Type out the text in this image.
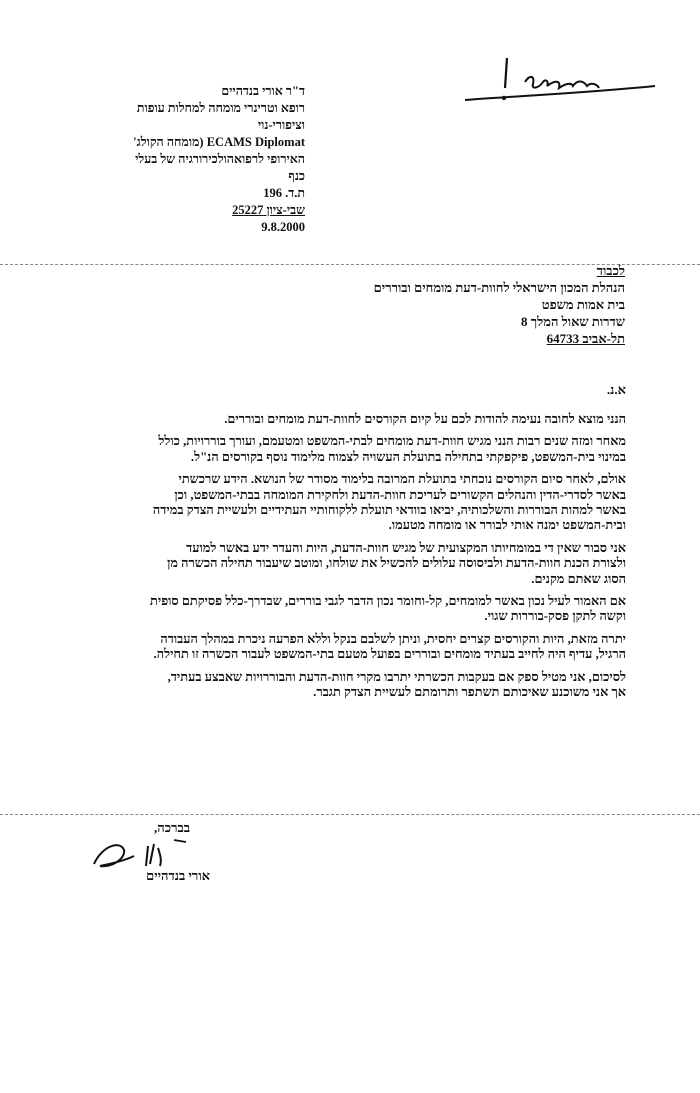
ד"ר אורי בנדהיים
רופא וטרינרי מומחה למחלות עופות
וציפורי-נוי
ECAMS Diplomat (מומחה הקולג'
האירופי לרפואהולכירורגיה של בעלי
כנף
ת.ד. 196
שבי-ציון 25227
9.8.2000
לכבוד
הנהלת המכון הישראלי לחוות-דעת מומחים ובוררים
בית אמות משפט
שדרות שאול המלך 8
תל-אביב 64733
א.נ.

הנני מוצא לחובה נעימה להודות לכם על קיום הקורסים לחוות-דעת מומחים ובוררים.

מאחר ומזה שנים רבות הנני מגיש חוות-דעת מומחים לבתי-המשפט ומטעמם, ועורך בוררויות, כולל במינוי בית-המשפט, פיקפקתי בתחילה בתועלת העשויה לצמוח מלימוד נוסף בקורסים הנ"ל.

אולם, לאחר סיום הקורסים נוכחתי בתועלת המרובה בלימוד מסודר של הנושא. הידע שרכשתי באשר לסדרי-הדין והנהלים הקשורים לעריכת חוות-הדעת ולחקירת המומחה בבתי-המשפט, וכן באשר למהות הבוררות והשלכותיה, יביאו בוודאי תועלת ללקוחותיי העתידיים ולעשיית הצדק במידה ובית-המשפט ימנה אותי לבורר או מומחה מטעמו.

אני סבור שאין די במומחיותו המקצועית של מגיש חוות-הדעת, היות והעדר ידע באשר למועד ולצורת הכנת חוות-הדעת ולביסוסה עלולים להכשיל את שולחו, ומוטב שיעבור תחילה הכשרה מן הסוג שאתם מקנים.

אם האמור לעיל נכון באשר למומחים, קל-וחומר נכון הדבר לגבי בוררים, שבדרך-כלל פסיקתם סופית וקשה לתקן פסק-בוררות שגוי.

יתרה מזאת, היות והקורסים קצרים יחסית, וניתן לשלבם בנקל וללא הפרעה ניכרת במהלך העבודה הרגיל, עדיף היה לחייב בעתיד מומחים ובוררים בפועל מטעם בתי-המשפט לעבור הכשרה זו תחילה.

לסיכום, אני מטיל ספק אם בעקבות הכשרתי יתרבו מקרי חוות-הדעת והבוררויות שאבצע בעתיד, אך אני משוכנע שאיכותם תשתפר ותרומתם לעשיית הצדק תגבר.

בברכה,
אורי בנדהיים
